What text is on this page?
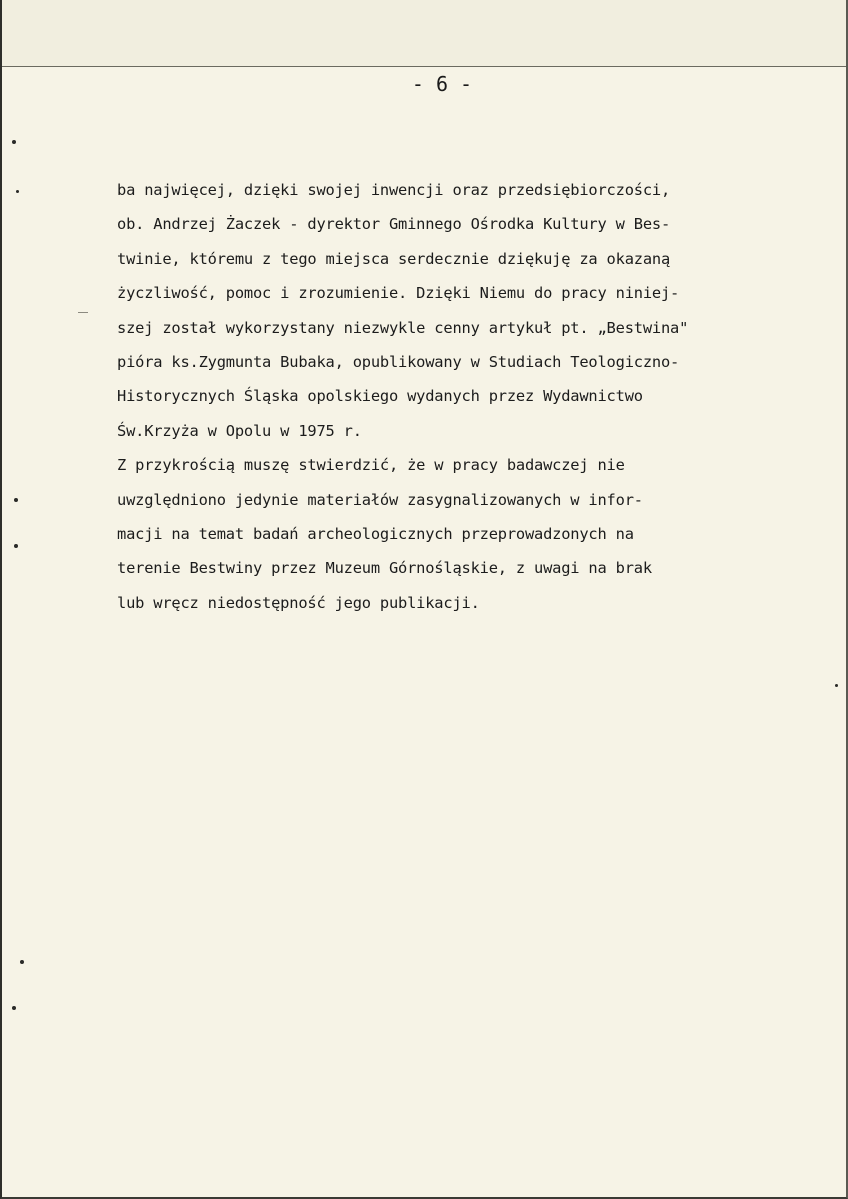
- 6 -
ba najwięcej, dzięki swojej inwencji oraz przedsiębiorczości,
ob. Andrzej Żaczek - dyrektor Gminnego Ośrodka Kultury w Bes-
twinie, któremu z tego miejsca serdecznie dziękuję za okazaną
życzliwość, pomoc i zrozumienie. Dzięki Niemu do pracy niniej-
szej został wykorzystany niezwykle cenny artykuł pt. „Bestwina"
pióra ks.Zygmunta Bubaka, opublikowany w Studiach Teologiczno-
Historycznych Śląska opolskiego wydanych przez Wydawnictwo
Św.Krzyża w Opolu w 1975 r.
Z przykrością muszę stwierdzić, że w pracy badawczej nie
uwzględniono jedynie materiałów zasygnalizowanych w infor-
macji na temat badań archeologicznych przeprowadzonych na
terenie Bestwiny przez Muzeum Górnośląskie, z uwagi na brak
lub wręcz niedostępność jego publikacji.
